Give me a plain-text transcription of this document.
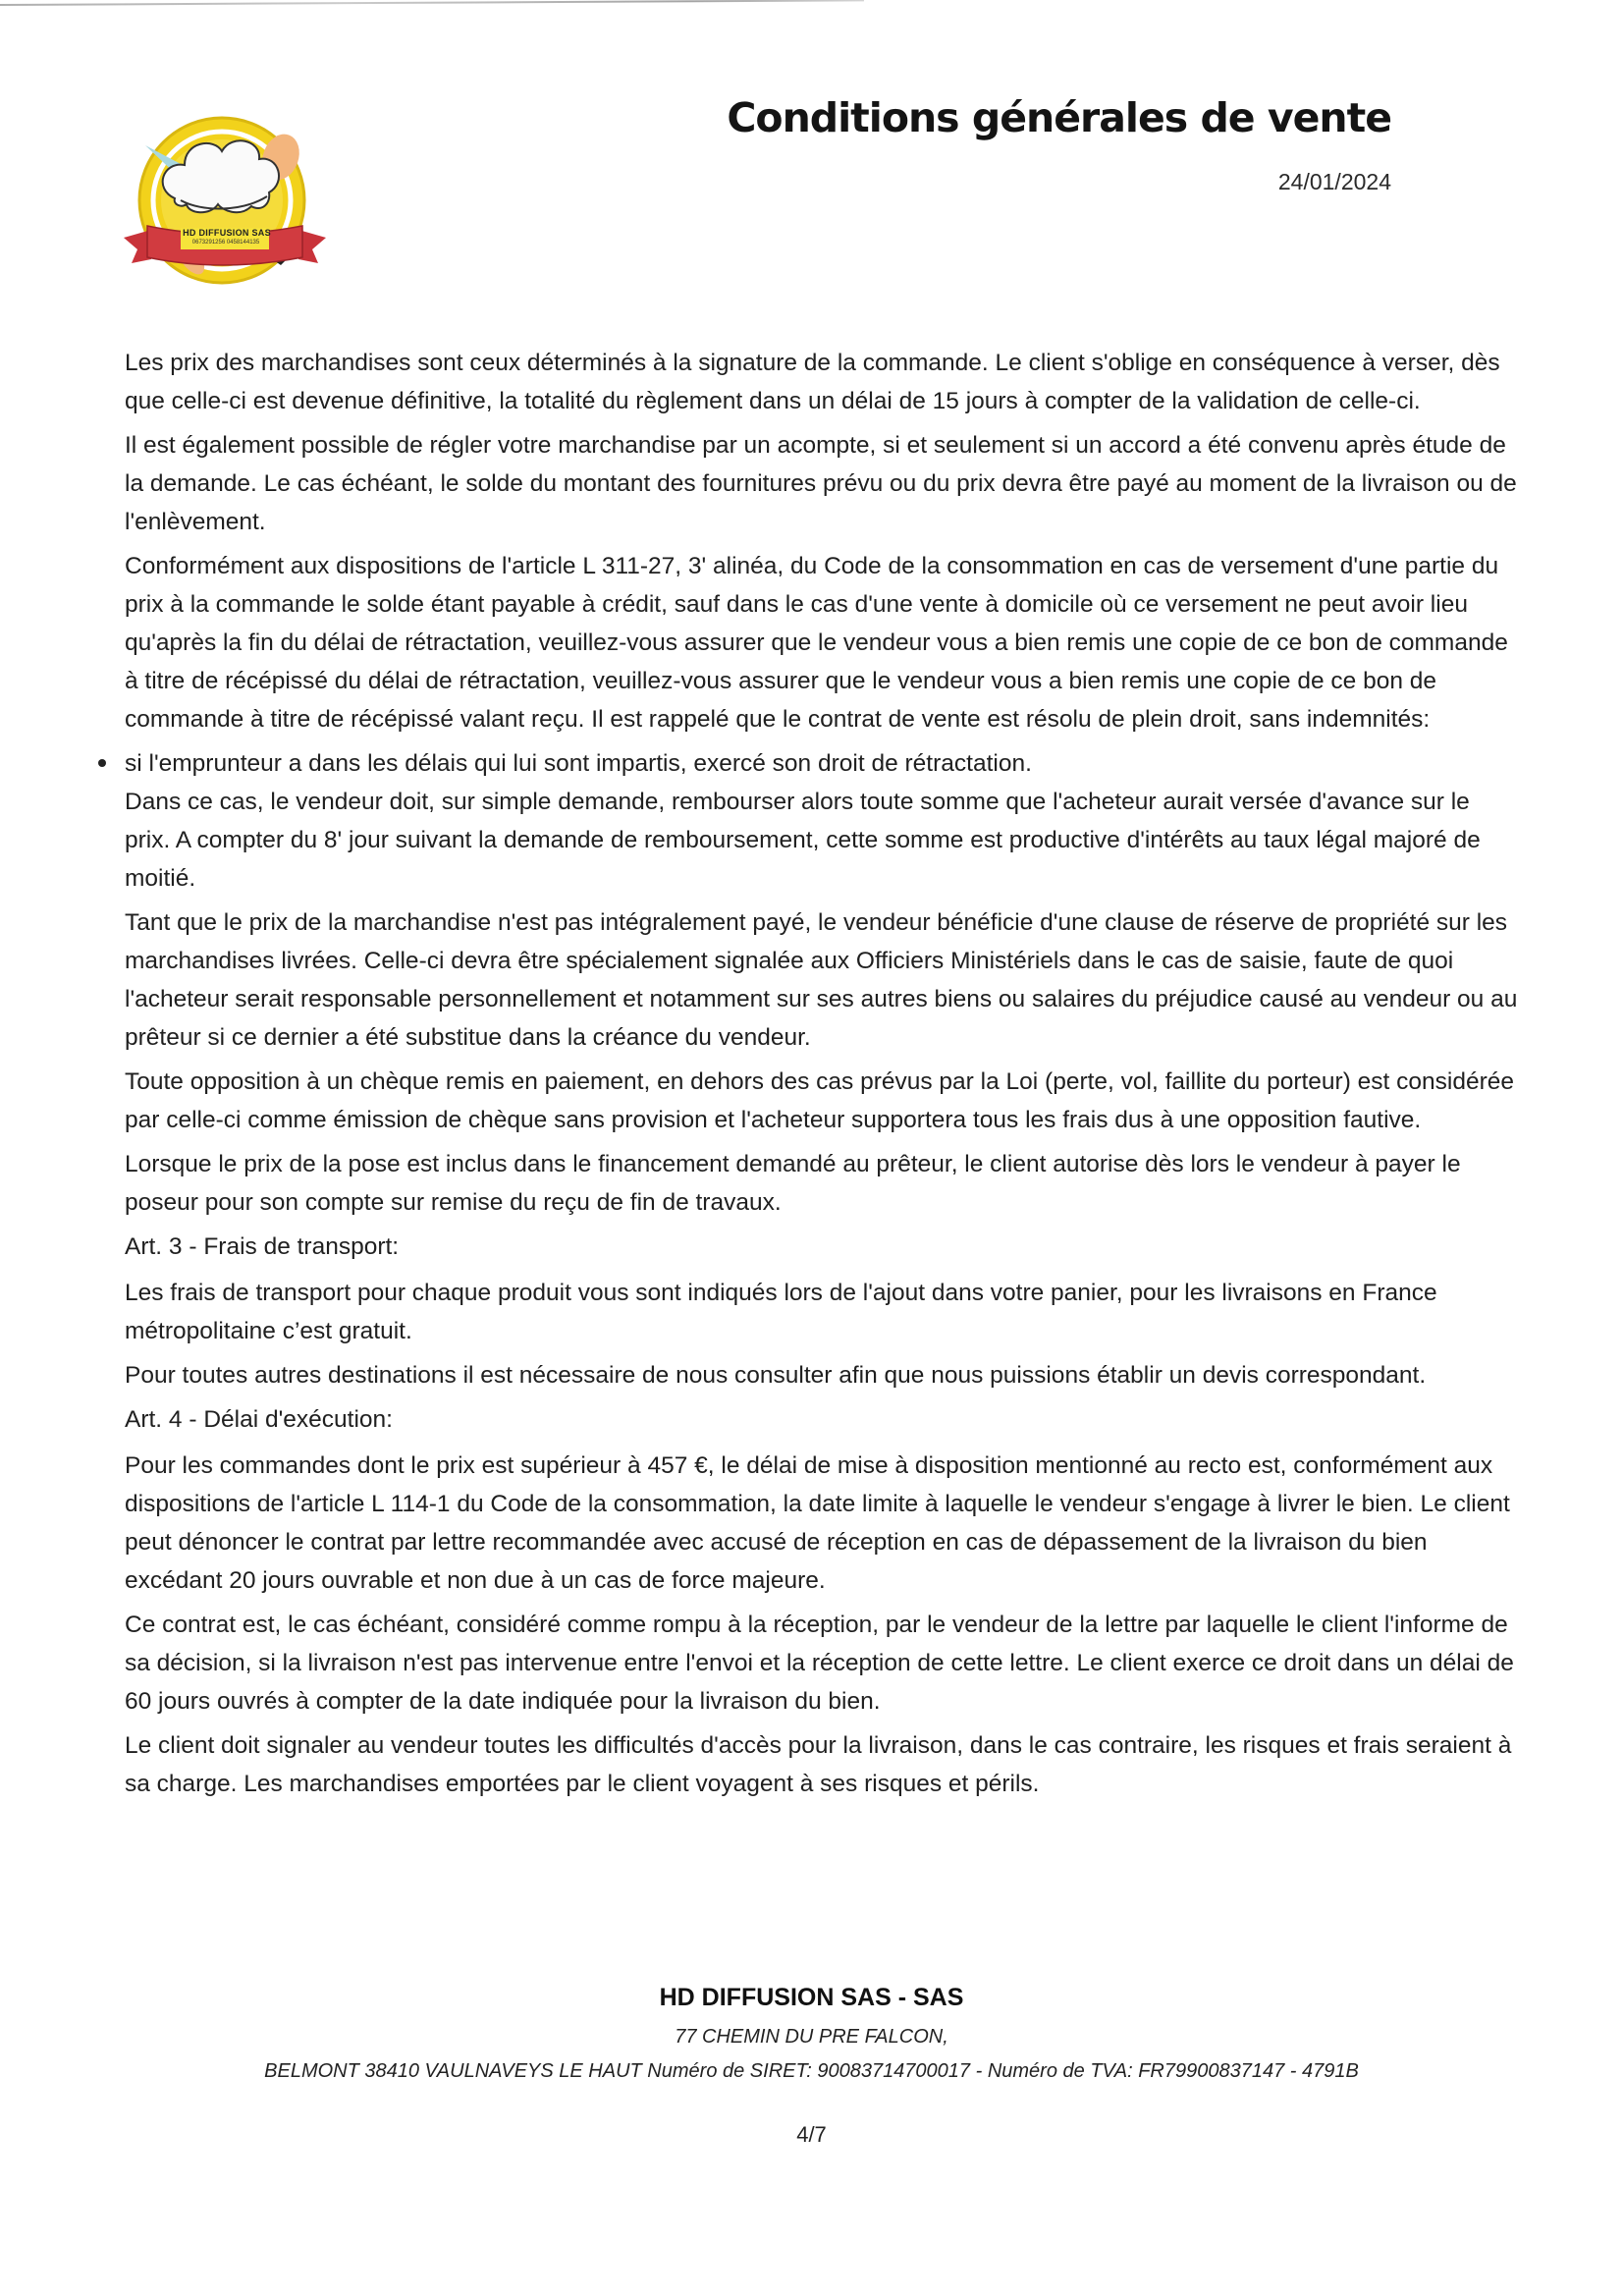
HD DIFFUSION SAS
0673291256 0458144135
Conditions générales de vente
24/01/2024

Les prix des marchandises sont ceux déterminés à la signature de la commande. Le client s'oblige en conséquence à verser, dès que celle-ci est devenue définitive, la totalité du règlement dans un délai de 15 jours à compter de la validation de celle-ci.

Il est également possible de régler votre marchandise par un acompte, si et seulement si un accord a été convenu après étude de la demande. Le cas échéant, le solde du montant des fournitures prévu ou du prix devra être payé au moment de la livraison ou de l'enlèvement.

Conformément aux dispositions de l'article L 311-27, 3' alinéa, du Code de la consommation en cas de versement d'une partie du prix à la commande le solde étant payable à crédit, sauf dans le cas d'une vente à domicile où ce versement ne peut avoir lieu qu'après la fin du délai de rétractation, veuillez-vous assurer que le vendeur vous a bien remis une copie de ce bon de commande à titre de récépissé du délai de rétractation, veuillez-vous assurer que le vendeur vous a bien remis une copie de ce bon de commande à titre de récépissé valant reçu. Il est rappelé que le contrat de vente est résolu de plein droit, sans indemnités:

si l'emprunteur a dans les délais qui lui sont impartis, exercé son droit de rétractation.
Dans ce cas, le vendeur doit, sur simple demande, rembourser alors toute somme que l'acheteur aurait versée d'avance sur le prix. A compter du 8' jour suivant la demande de remboursement, cette somme est productive d'intérêts au taux légal majoré de moitié.

Tant que le prix de la marchandise n'est pas intégralement payé, le vendeur bénéficie d'une clause de réserve de propriété sur les marchandises livrées. Celle-ci devra être spécialement signalée aux Officiers Ministériels dans le cas de saisie, faute de quoi l'acheteur serait responsable personnellement et notamment sur ses autres biens ou salaires du préjudice causé au vendeur ou au prêteur si ce dernier a été substitue dans la créance du vendeur.

Toute opposition à un chèque remis en paiement, en dehors des cas prévus par la Loi (perte, vol, faillite du porteur) est considérée par celle-ci comme émission de chèque sans provision et l'acheteur supportera tous les frais dus à une opposition fautive.

Lorsque le prix de la pose est inclus dans le financement demandé au prêteur, le client autorise dès lors le vendeur à payer le poseur pour son compte sur remise du reçu de fin de travaux.

Art. 3 - Frais de transport:

Les frais de transport pour chaque produit vous sont indiqués lors de l'ajout dans votre panier, pour les livraisons en France métropolitaine c’est gratuit.

Pour toutes autres destinations il est nécessaire de nous consulter afin que nous puissions établir un devis correspondant.

Art. 4 - Délai d'exécution:

Pour les commandes dont le prix est supérieur à 457 €, le délai de mise à disposition mentionné au recto est, conformément aux dispositions de l'article L 114-1 du Code de la consommation, la date limite à laquelle le vendeur s'engage à livrer le bien. Le client peut dénoncer le contrat par lettre recommandée avec accusé de réception en cas de dépassement de la livraison du bien excédant 20 jours ouvrable et non due à un cas de force majeure.

Ce contrat est, le cas échéant, considéré comme rompu à la réception, par le vendeur de la lettre par laquelle le client l'informe de sa décision, si la livraison n'est pas intervenue entre l'envoi et la réception de cette lettre. Le client exerce ce droit dans un délai de 60 jours ouvrés à compter de la date indiquée pour la livraison du bien.

Le client doit signaler au vendeur toutes les difficultés d'accès pour la livraison, dans le cas contraire, les risques et frais seraient à sa charge. Les marchandises emportées par le client voyagent à ses risques et périls.

HD DIFFUSION SAS - SAS
77 CHEMIN DU PRE FALCON,
BELMONT 38410 VAULNAVEYS LE HAUT Numéro de SIRET: 90083714700017 - Numéro de TVA: FR79900837147 - 4791B
4/7
